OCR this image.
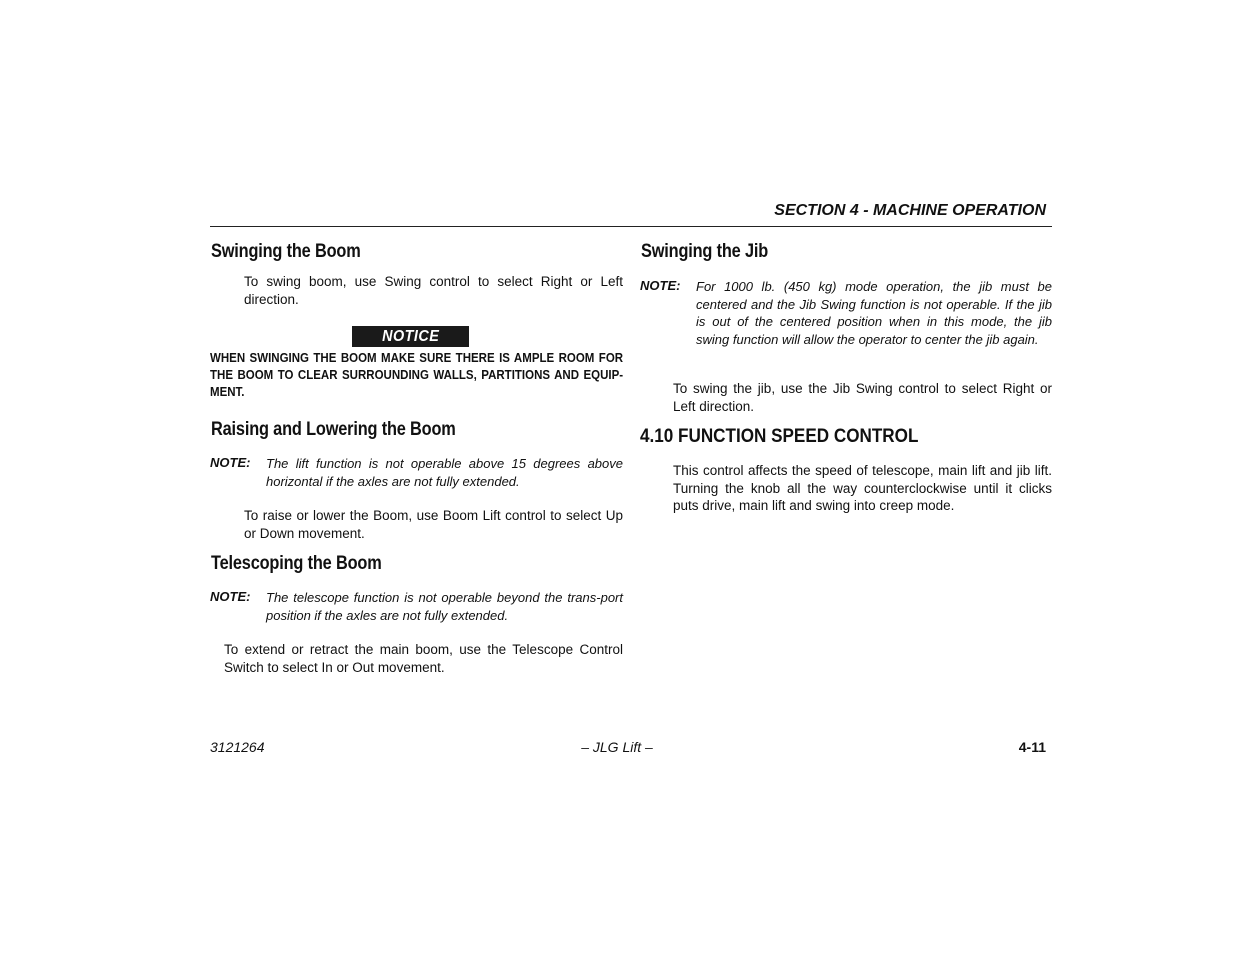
SECTION 4 - MACHINE OPERATION
Swinging the Boom
To swing boom, use Swing control to select Right or Left direction.
NOTICE
WHEN SWINGING THE BOOM MAKE SURE THERE IS AMPLE ROOM FOR THE BOOM TO CLEAR SURROUNDING WALLS, PARTITIONS AND EQUIP-MENT.
Raising and Lowering the Boom
NOTE: The lift function is not operable above 15 degrees above horizontal if the axles are not fully extended.
To raise or lower the Boom, use Boom Lift control to select Up or Down movement.
Telescoping the Boom
NOTE: The telescope function is not operable beyond the trans-port position if the axles are not fully extended.
To extend or retract the main boom, use the Telescope Control Switch to select In or Out movement.
Swinging the Jib
NOTE: For 1000 lb. (450 kg) mode operation, the jib must be centered and the Jib Swing function is not operable. If the jib is out of the centered position when in this mode, the jib swing function will allow the operator to center the jib again.
To swing the jib, use the Jib Swing control to select Right or Left direction.
4.10 FUNCTION SPEED CONTROL
This control affects the speed of telescope, main lift and jib lift. Turning the knob all the way counterclockwise until it clicks puts drive, main lift and swing into creep mode.
3121264	– JLG Lift –	4-11
